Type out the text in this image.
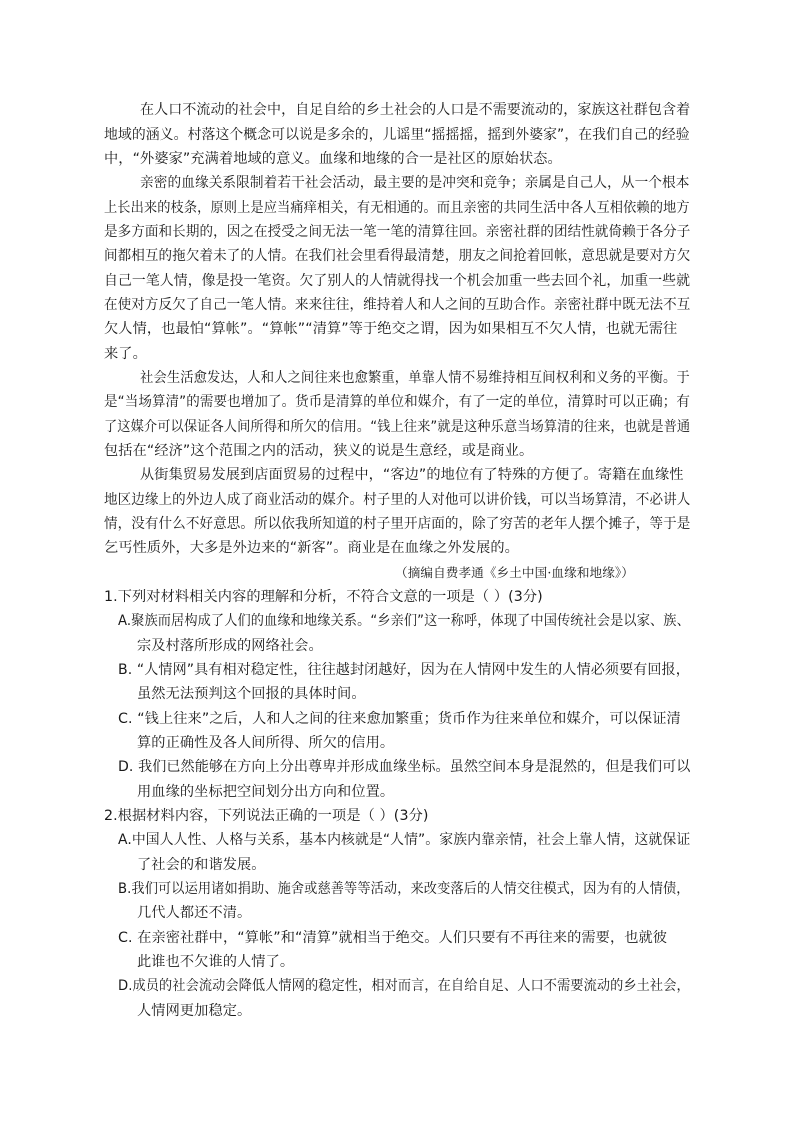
在人口不流动的社会中，自足自给的乡土社会的人口是不需要流动的，家族这社群包含着
地域的涵义。村落这个概念可以说是多余的，儿谣里“摇摇摇，摇到外婆家”，在我们自己的经验
中，“外婆家”充满着地域的意义。血缘和地缘的合一是社区的原始状态。
亲密的血缘关系限制着若干社会活动，最主要的是冲突和竞争；亲属是自己人，从一个根本
上长出来的枝条，原则上是应当痛痒相关，有无相通的。而且亲密的共同生活中各人互相依赖的地方
是多方面和长期的，因之在授受之间无法一笔一笔的清算往回。亲密社群的团结性就倚赖于各分子
间都相互的拖欠着未了的人情。在我们社会里看得最清楚，朋友之间抢着回帐，意思就是要对方欠
自己一笔人情，像是投一笔资。欠了别人的人情就得找一个机会加重一些去回个礼，加重一些就
在使对方反欠了自己一笔人情。来来往往，维持着人和人之间的互助合作。亲密社群中既无法不互
欠人情，也最怕“算帐”。“算帐”“清算”等于绝交之谓，因为如果相互不欠人情，也就无需往
来了。
社会生活愈发达，人和人之间往来也愈繁重，单靠人情不易维持相互间权利和义务的平衡。于
是“当场算清”的需要也增加了。货币是清算的单位和媒介，有了一定的单位，清算时可以正确；有
了这媒介可以保证各人间所得和所欠的信用。“钱上往来”就是这种乐意当场算清的往来，也就是普通
包括在“经济”这个范围之内的活动，狭义的说是生意经，或是商业。
从街集贸易发展到店面贸易的过程中，“客边”的地位有了特殊的方便了。寄籍在血缘性
地区边缘上的外边人成了商业活动的媒介。村子里的人对他可以讲价钱，可以当场算清，不必讲人
情，没有什么不好意思。所以依我所知道的村子里开店面的，除了穷苦的老年人摆个摊子，等于是
乞丐性质外，大多是外边来的“新客”。商业是在血缘之外发展的。
（摘编自费孝通《乡土中国·血缘和地缘》）
1.下列对材料相关内容的理解和分析，不符合文意的一项是（ ）(3分)
A.聚族而居构成了人们的血缘和地缘关系。“乡亲们”这一称呼，体现了中国传统社会是以家、族、
宗及村落所形成的网络社会。
B. “人情网”具有相对稳定性，往往越封闭越好，因为在人情网中发生的人情必须要有回报，
虽然无法预判这个回报的具体时间。
C. “钱上往来”之后，人和人之间的往来愈加繁重；货币作为往来单位和媒介，可以保证清
算的正确性及各人间所得、所欠的信用。
D. 我们已然能够在方向上分出尊卑并形成血缘坐标。虽然空间本身是混然的，但是我们可以
用血缘的坐标把空间划分出方向和位置。
2.根据材料内容，下列说法正确的一项是（ ）(3分)
A.中国人人性、人格与关系，基本内核就是“人情”。家族内靠亲情，社会上靠人情，这就保证
了社会的和谐发展。
B.我们可以运用诸如捐助、施舍或慈善等等活动，来改变落后的人情交往模式，因为有的人情债，
几代人都还不清。
C. 在亲密社群中，“算帐”和“清算”就相当于绝交。人们只要有不再往来的需要，也就彼
此谁也不欠谁的人情了。
D.成员的社会流动会降低人情网的稳定性，相对而言，在自给自足、人口不需要流动的乡土社会，
人情网更加稳定。
